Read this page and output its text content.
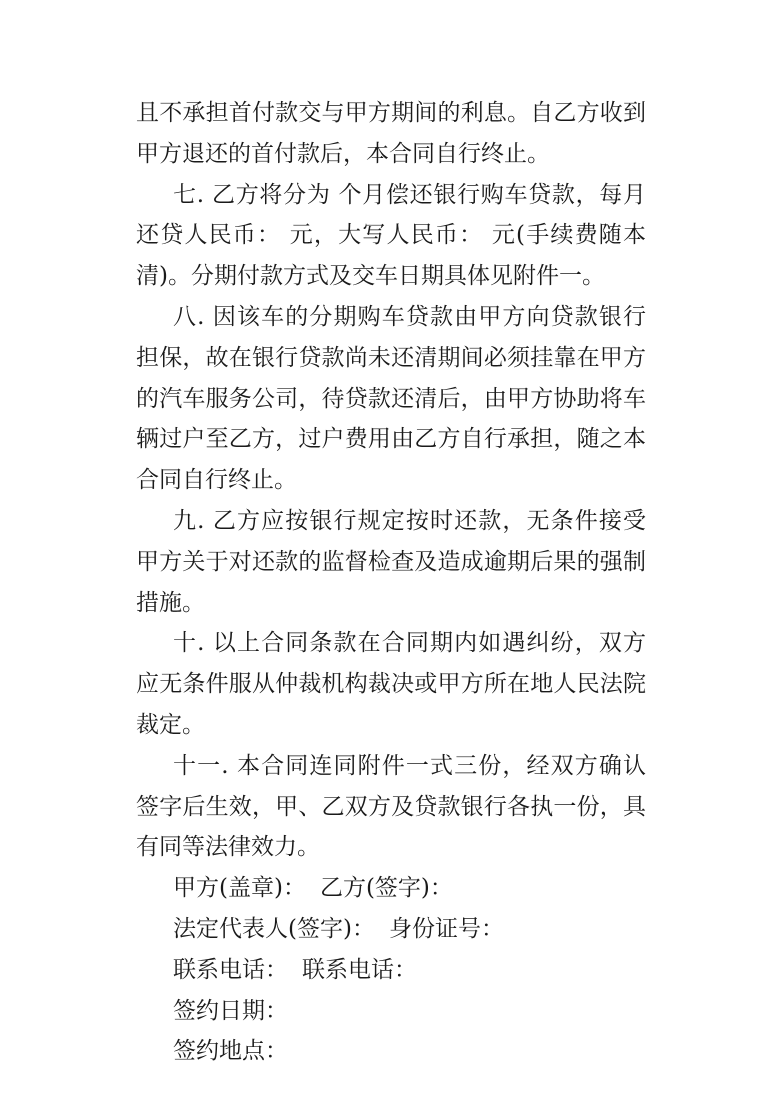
且不承担首付款交与甲方期间的利息。自乙方收到甲方退还的首付款后，本合同自行终止。

七. 乙方将分为 个月偿还银行购车贷款，每月还贷人民币： 元，大写人民币： 元(手续费随本清)。分期付款方式及交车日期具体见附件一。

八. 因该车的分期购车贷款由甲方向贷款银行担保，故在银行贷款尚未还清期间必须挂靠在甲方的汽车服务公司，待贷款还清后，由甲方协助将车辆过户至乙方，过户费用由乙方自行承担，随之本合同自行终止。

九. 乙方应按银行规定按时还款，无条件接受甲方关于对还款的监督检查及造成逾期后果的强制措施。

十. 以上合同条款在合同期内如遇纠纷，双方应无条件服从仲裁机构裁决或甲方所在地人民法院裁定。

十一. 本合同连同附件一式三份，经双方确认签字后生效，甲、乙双方及贷款银行各执一份，具有同等法律效力。

甲方(盖章)： 乙方(签字)：
法定代表人(签字)： 身份证号：
联系电话： 联系电话：
签约日期：
签约地点：
